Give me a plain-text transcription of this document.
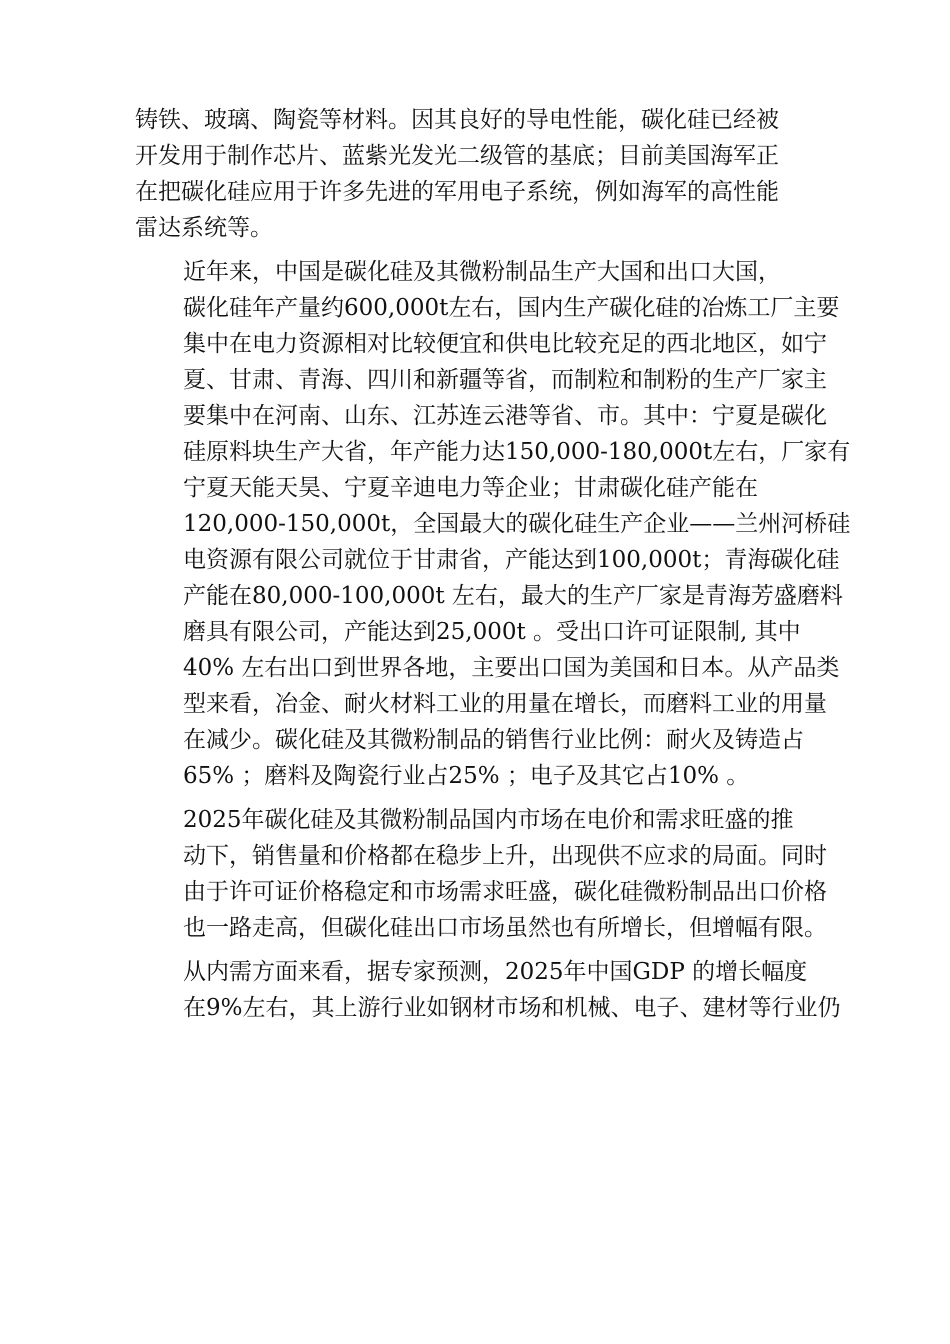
铸铁、玻璃、陶瓷等材料。因其良好的导电性能，碳化硅已经被
开发用于制作芯片、蓝紫光发光二级管的基底；目前美国海军正
在把碳化硅应用于许多先进的军用电子系统，例如海军的高性能
雷达系统等。

近年来，中国是碳化硅及其微粉制品生产大国和出口大国，
碳化硅年产量约600,000t左右，国内生产碳化硅的冶炼工厂主要
集中在电力资源相对比较便宜和供电比较充足的西北地区，如宁
夏、甘肃、青海、四川和新疆等省，而制粒和制粉的生产厂家主
要集中在河南、山东、江苏连云港等省、市。其中：宁夏是碳化
硅原料块生产大省，年产能力达150,000-180,000t左右，厂家有
宁夏天能天昊、宁夏辛迪电力等企业；甘肃碳化硅产能在
120,000-150,000t，全国最大的碳化硅生产企业——兰州河桥硅
电资源有限公司就位于甘肃省，产能达到100,000t；青海碳化硅
产能在80,000-100,000t 左右，最大的生产厂家是青海芳盛磨料
磨具有限公司，产能达到25,000t 。受出口许可证限制, 其中
40% 左右出口到世界各地，主要出口国为美国和日本。从产品类
型来看，冶金、耐火材料工业的用量在增长，而磨料工业的用量
在减少。碳化硅及其微粉制品的销售行业比例：耐火及铸造占
65% ；磨料及陶瓷行业占25% ；电子及其它占10% 。

2025年碳化硅及其微粉制品国内市场在电价和需求旺盛的推
动下，销售量和价格都在稳步上升，出现供不应求的局面。同时
由于许可证价格稳定和市场需求旺盛，碳化硅微粉制品出口价格
也一路走高，但碳化硅出口市场虽然也有所增长，但增幅有限。

从内需方面来看，据专家预测，2025年中国GDP 的增长幅度
在9%左右，其上游行业如钢材市场和机械、电子、建材等行业仍
